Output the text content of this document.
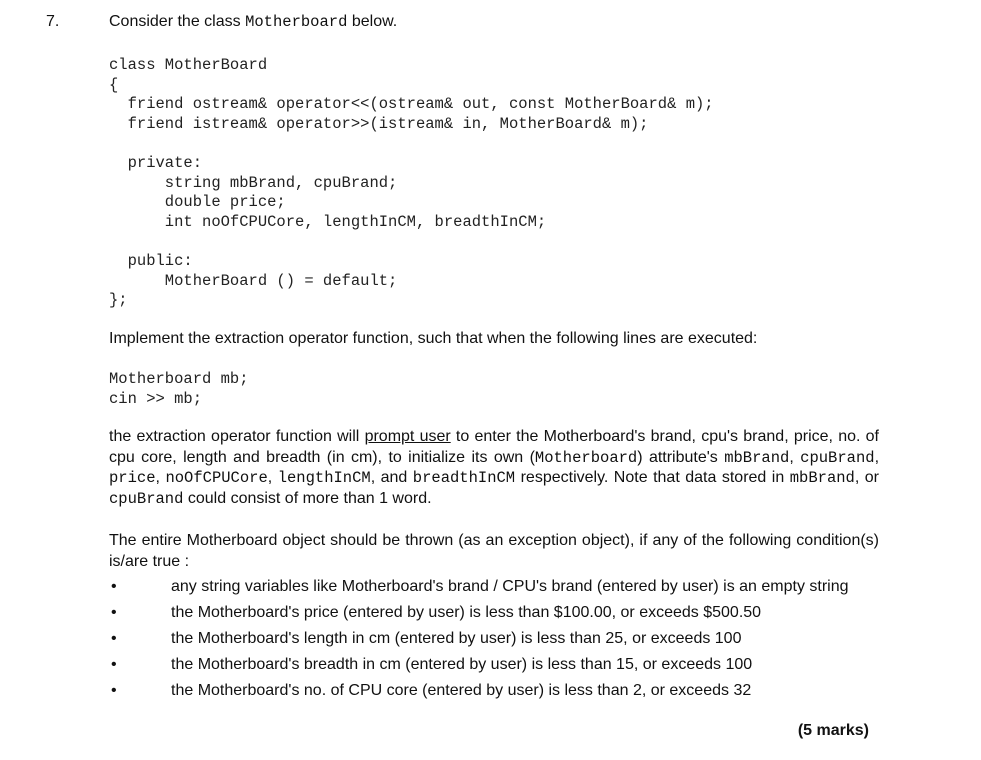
7.	Consider the class Motherboard below.
class MotherBoard
{
friend ostream& operator<<(ostream& out, const MotherBoard& m);
friend istream& operator>>(istream& in, MotherBoard& m);

private:
string mbBrand, cpuBrand;
double price;
int noOfCPUCore, lengthInCM, breadthInCM;

public:
MotherBoard () = default;
};
Implement the extraction operator function, such that when the following lines are executed:
Motherboard mb;
cin >> mb;
the extraction operator function will prompt user to enter the Motherboard's brand, cpu's brand, price, no. of cpu core, length and breadth (in cm), to initialize its own (Motherboard) attribute's mbBrand, cpuBrand, price, noOfCPUCore, lengthInCM, and breadthInCM respectively. Note that data stored in mbBrand, or cpuBrand could consist of more than 1 word.
The entire Motherboard object should be thrown (as an exception object), if any of the following condition(s) is/are true :
•	any string variables like Motherboard's brand / CPU's brand (entered by user) is an empty string
•	the Motherboard's price (entered by user) is less than $100.00, or exceeds $500.50
•	the Motherboard's length in cm (entered by user) is less than 25, or exceeds 100
•	the Motherboard's breadth in cm (entered by user) is less than 15, or exceeds 100
•	the Motherboard's no. of CPU core (entered by user) is less than 2, or exceeds 32
(5 marks)
